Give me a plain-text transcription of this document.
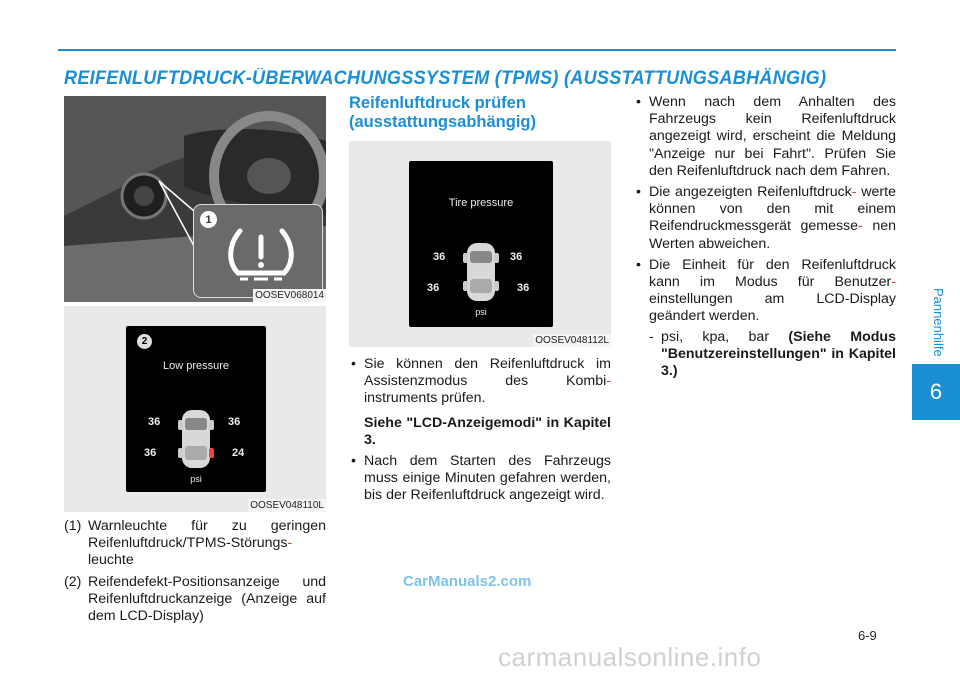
REIFENLUFTDRUCK-ÜBERWACHUNGSSYSTEM (TPMS) (AUSSTATTUNGSABHÄNGIG)
Pannenhilfe
6
1
OOSEV068014
2
Low pressure
36	36
36	24
psi
OOSEV048110L
(1) Warnleuchte für zu geringen Reifenluftdruck/TPMS-Störungs- leuchte
(2) Reifendefekt-Positionsanzeige und Reifenluftdruckanzeige (Anzeige auf dem LCD-Display)
Reifenluftdruck prüfen
(ausstattungsabhängig)
Tire pressure
36	36
36	36
psi
OOSEV048112L
• Sie können den Reifenluftdruck im Assistenzmodus des Kombi- instruments prüfen.
Siehe "LCD-Anzeigemodi" in Kapitel 3.
• Nach dem Starten des Fahrzeugs muss einige Minuten gefahren werden, bis der Reifenluftdruck angezeigt wird.
• Wenn nach dem Anhalten des Fahrzeugs kein Reifenluftdruck angezeigt wird, erscheint die Meldung "Anzeige nur bei Fahrt". Prüfen Sie den Reifenluftdruck nach dem Fahren.
• Die angezeigten Reifenluftdruck- werte können von den mit einem Reifendruckmessgerät gemesse- nen Werten abweichen.
• Die Einheit für den Reifenluftdruck kann im Modus für Benutzer- einstellungen am LCD-Display geändert werden.
- psi, kpa, bar (Siehe Modus "Benutzereinstellungen" in Kapitel 3.)
6-9
CarManuals2.com
carmanualsonline.info
